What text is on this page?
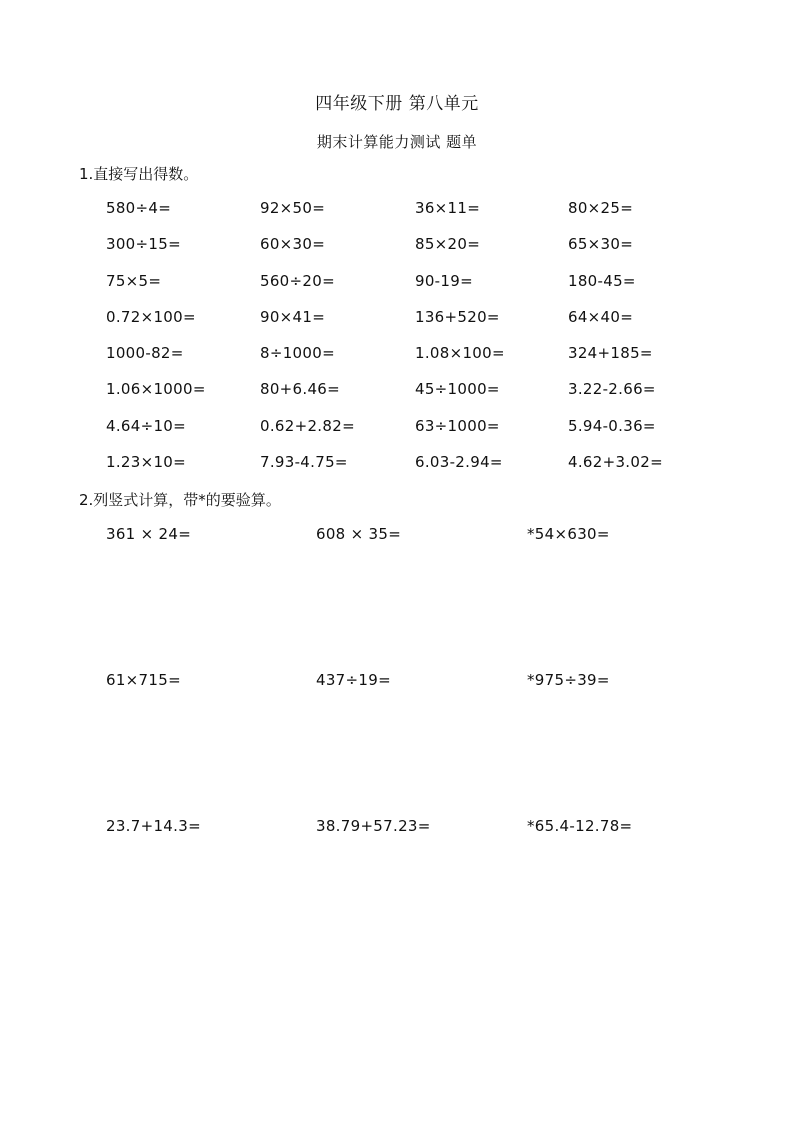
四年级下册 第八单元
期末计算能力测试 题单
1.直接写出得数。
580÷4=	92×50=	36×11=	80×25=
300÷15=	60×30=	85×20=	65×30=
75×5=	560÷20=	90-19=	180-45=
0.72×100=	90×41=	136+520=	64×40=
1000-82=	8÷1000=	1.08×100=	324+185=
1.06×1000=	80+6.46=	45÷1000=	3.22-2.66=
4.64÷10=	0.62+2.82=	63÷1000=	5.94-0.36=
1.23×10=	7.93-4.75=	6.03-2.94=	4.62+3.02=
2.列竖式计算，带*的要验算。
361 × 24=	608 × 35=	*54×630=
61×715=	437÷19=	*975÷39=
23.7+14.3=	38.79+57.23=	*65.4-12.78=
